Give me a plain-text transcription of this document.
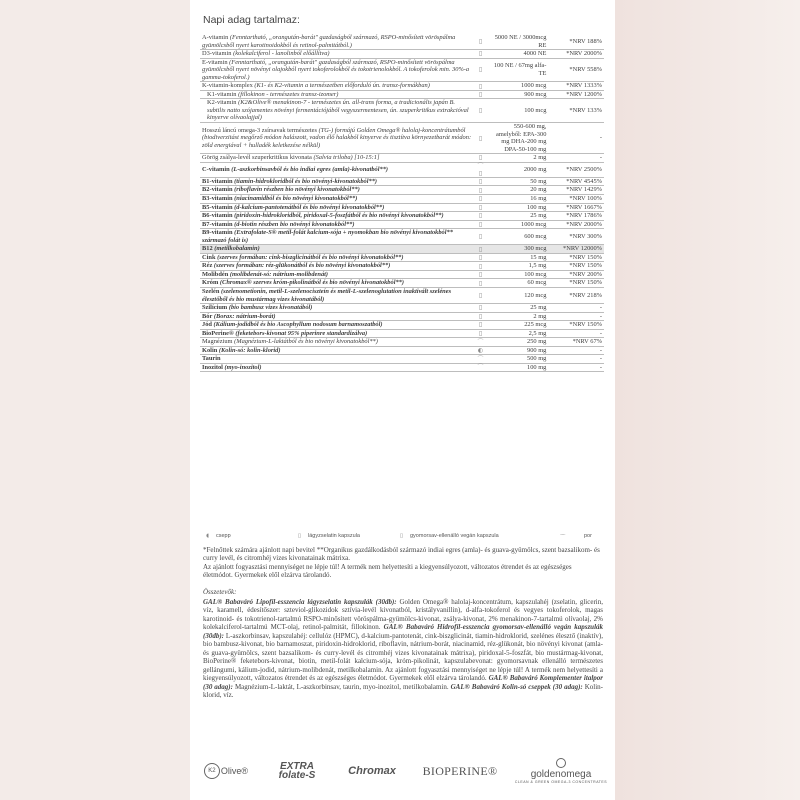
Napi adag tartalmaz:
A-vitamin (Fenntartható, „orangután-barát" gazdaságból származó, RSPO-minősített vöröspálma gyümölcsből nyert karotinoidokból és retinol-palmitátból.)	▯	5000 NE / 3000mcg RE	*NRV 188%
D3-vitamin (kolekalciferol - lanolinból előállítva)	▯	4000 NE	*NRV 2000%
E-vitamin (Fenntartható, „orangután-barát" gazdaságból származó, RSPO-minősített vöröspálma gyümölcsből nyert növényi olajokból nyert tokoferolokból és tokotrienolokból. A tokoferolok min. 30%-a gamma-tokoferol.)	▯	100 NE / 67mg alfa-TE	*NRV 558%
K-vitamin-komplex (K1- és K2-vitamin a természetben előforduló ún. transz-formákban)	▯	1000 mcg	*NRV 1333%
K1-vitamin (fillokinon - természetes transz-izomer)	▯	900 mcg	*NRV 1200%
K2-vitamin (K2&Olive® menakinon-7 - természetes ún. all-trans forma, a tradicionális japán B. subtilis natto szójamentes növényi fermentációjából vegyszermentesen, ún. szuperkritikus extrakcióval kinyerve olívaolajjal)	▯	100 mcg	*NRV 133%
Hosszú láncú omega-3 zsírsavak természetes (TG-) formájú Golden Omega® halolaj-koncentrátumból (biodiverzitást megőrző módon halászott, vadon élő halakból kinyerve és tisztítva környezetbarát módon: zöld energiával + hulladék keletkezése nélkül)	▯	550-600 mg, amelyből: EPA-300 mg DHA-200 mg DPA-50-100 mg	-
Görög zsálya-levél szuperkritikus kivonata (Salvia triloba) [10-15:1]	▯	2 mg	-
C-vitamin (L-aszkorbinsavból és bio indiai egres (amla)-kivonatból**)	⌒ ▯	2000 mg	*NRV 2500%
B1-vitamin (tiamin-hidrokloridból és bio növényi-kivonatokból**)	▯	50 mg	*NRV 4545%
B2-vitamin (riboflavin részben bio növényi kivonatokból**)	▯	20 mg	*NRV 1429%
B3-vitamin (niacinamidból és bio növényi kivonatokból**)	▯	16 mg	*NRV 100%
B5-vitamin (d-kalcium-pantotenátból és bio növényi kivonatokból**)	▯	100 mg	*NRV 1667%
B6-vitamin (piridoxin-hidrokloridból, piridoxal-5-foszfátból és bio növényi kivonatokból**)	▯	25 mg	*NRV 1786%
B7-vitamin (d-biotin részben bio növényi kivonatokból**)	▯	1000 mcg	*NRV 2000%
B9-vitamin (Extrafolate-S® metil-folát kalcium-sója + nyomokban bio növényi kivonatokból** származó folát is)	▯	600 mcg	*NRV 300%
B12 (metilkobalamin)	▯	300 mcg	*NRV 12000%
Cink (szerves formában: cink-biszglicinátból és bio növényi kivonatokból**)	▯	15 mg	*NRV 150%
Réz (szerves formában: réz-glükonátból és bio növényi kivonatokból**)	▯	1,5 mg	*NRV 150%
Molibdén (molibdenát-só: nátrium-molibdenát)	▯	100 mcg	*NRV 200%
Króm (Chromax® szerves króm-pikolinátból és bio növényi kivonatokból**)	▯	60 mcg	*NRV 150%
Szelén (szelenometionin, metil-L-szelenociszteín és metil-L-szelenoglutation inaktivált szelénes élesztőből és bio mustármag vizes kivonatából)	▯	120 mcg	*NRV 218%
Szilícium (bio bambusz vizes kivonatából)	▯	25 mg	-
Bór (Borax: nátrium-borát)	▯	2 mg	-
Jód (Kálium-jodidból és bio Ascophyllum nodosum barnamoszatból)	▯	225 mcg	*NRV 150%
BioPerine® (feketebors-kivonat 95% piperinre standardizálva)	▯	2,5 mg	-
Magnézium (Magnézium-L-laktátból és bio növényi kivonatokból**)	⌒	250 mg	*NRV 67%
Kolin (Kolin-só: kolin-klorid)	◐	900 mg	-
Taurin	⌒	500 mg	-
Inozitol (myo-inozitol)	⌒	100 mg	-
◖ csepp	▯ lágyzselatin kapszula	▯ gyomorsav-ellenálló vegán kapszula	⌒	por

*Felnőttek számára ajánlott napi bevitel **Organikus gazdálkodásból származó indiai egres (amla)- és guava-gyümölcs, szent bazsalikom- és curry levél, és citromhéj vizes kivonatainak mátrixa.

Az ajánlott fogyasztási mennyiséget ne lépje túl! A termék nem helyettesíti a kiegyensúlyozott, változatos étrendet és az egészséges életmódot. Gyermekek elől elzárva tárolandó.

Összetevők:
GAL® Babaváró Lipofil-esszencia lágyzselatin kapszulák (30db): Golden Omega® halolaj-koncentrátum, kapszulahéj (zselatin, glicerin, víz, karamell, édesítőszer: szteviol-glikozidok sztívia-levél kivonatból, kristályvanillin), d-alfa-tokoferol és vegyes tokoferolok, magas karotinoid- és tokotrienol-tartalmú RSPO-minősített vöröspálma-gyümölcs-kivonat, zsálya-kivonat, 2% menakinon-7-tartalmú olívaolaj, 2% kolekalciferol-tartalmú MCT-olaj, retinol-palmitát, fillokinon. GAL® Babaváró Hidrofil-esszencia gyomorsav-ellenálló vegán kapszulák (30db): L-aszkorbinsav, kapszulahéj: cellulóz (HPMC), d-kalcium-pantotenát, cink-biszglicinát, tiamin-hidroklorid, szelénes élesztő (inaktív), bio bambusz-kivonat, bio barnamoszat, piridoxin-hidroklorid, riboflavin, nátrium-borát, niacinamid, réz-glükonát, bio növényi kivonat (amla- és guava-gyümölcs, szent bazsalikom- és curry-levél és citromhéj vizes kivonatainak mátrixa), piridoxal-5-foszfát, bio mustármag-kivonat, BioPerine® feketebors-kivonat, biotin, metil-folát kalcium-sója, króm-pikolinát, kapszulabevonat: gyomorsavnak ellenálló természetes gellángumi, kálium-jodid, nátrium-molibdenát, metilkobalamin. Az ajánlott fogyasztási mennyiséget ne lépje túl! A termék nem helyettesíti a kiegyensúlyozott, változatos étrendet és az egészséges életmódot. Gyermekek elől elzárva tárolandó. GAL® Babaváró Komplementer italpor (30 adag): Magnézium-L-laktát, L-aszkorbinsav, taurin, myo-inozitol, metilkobalamin. GAL® Babaváró Kolin-só cseppek (30 adag): Kolin-klorid, víz.
K2 Olive®	EXTRA
folate-S	Chromax	BIOPERINE®	goldenomega
CLEAN & GREEN OMEGA-3 CONCENTRATES
